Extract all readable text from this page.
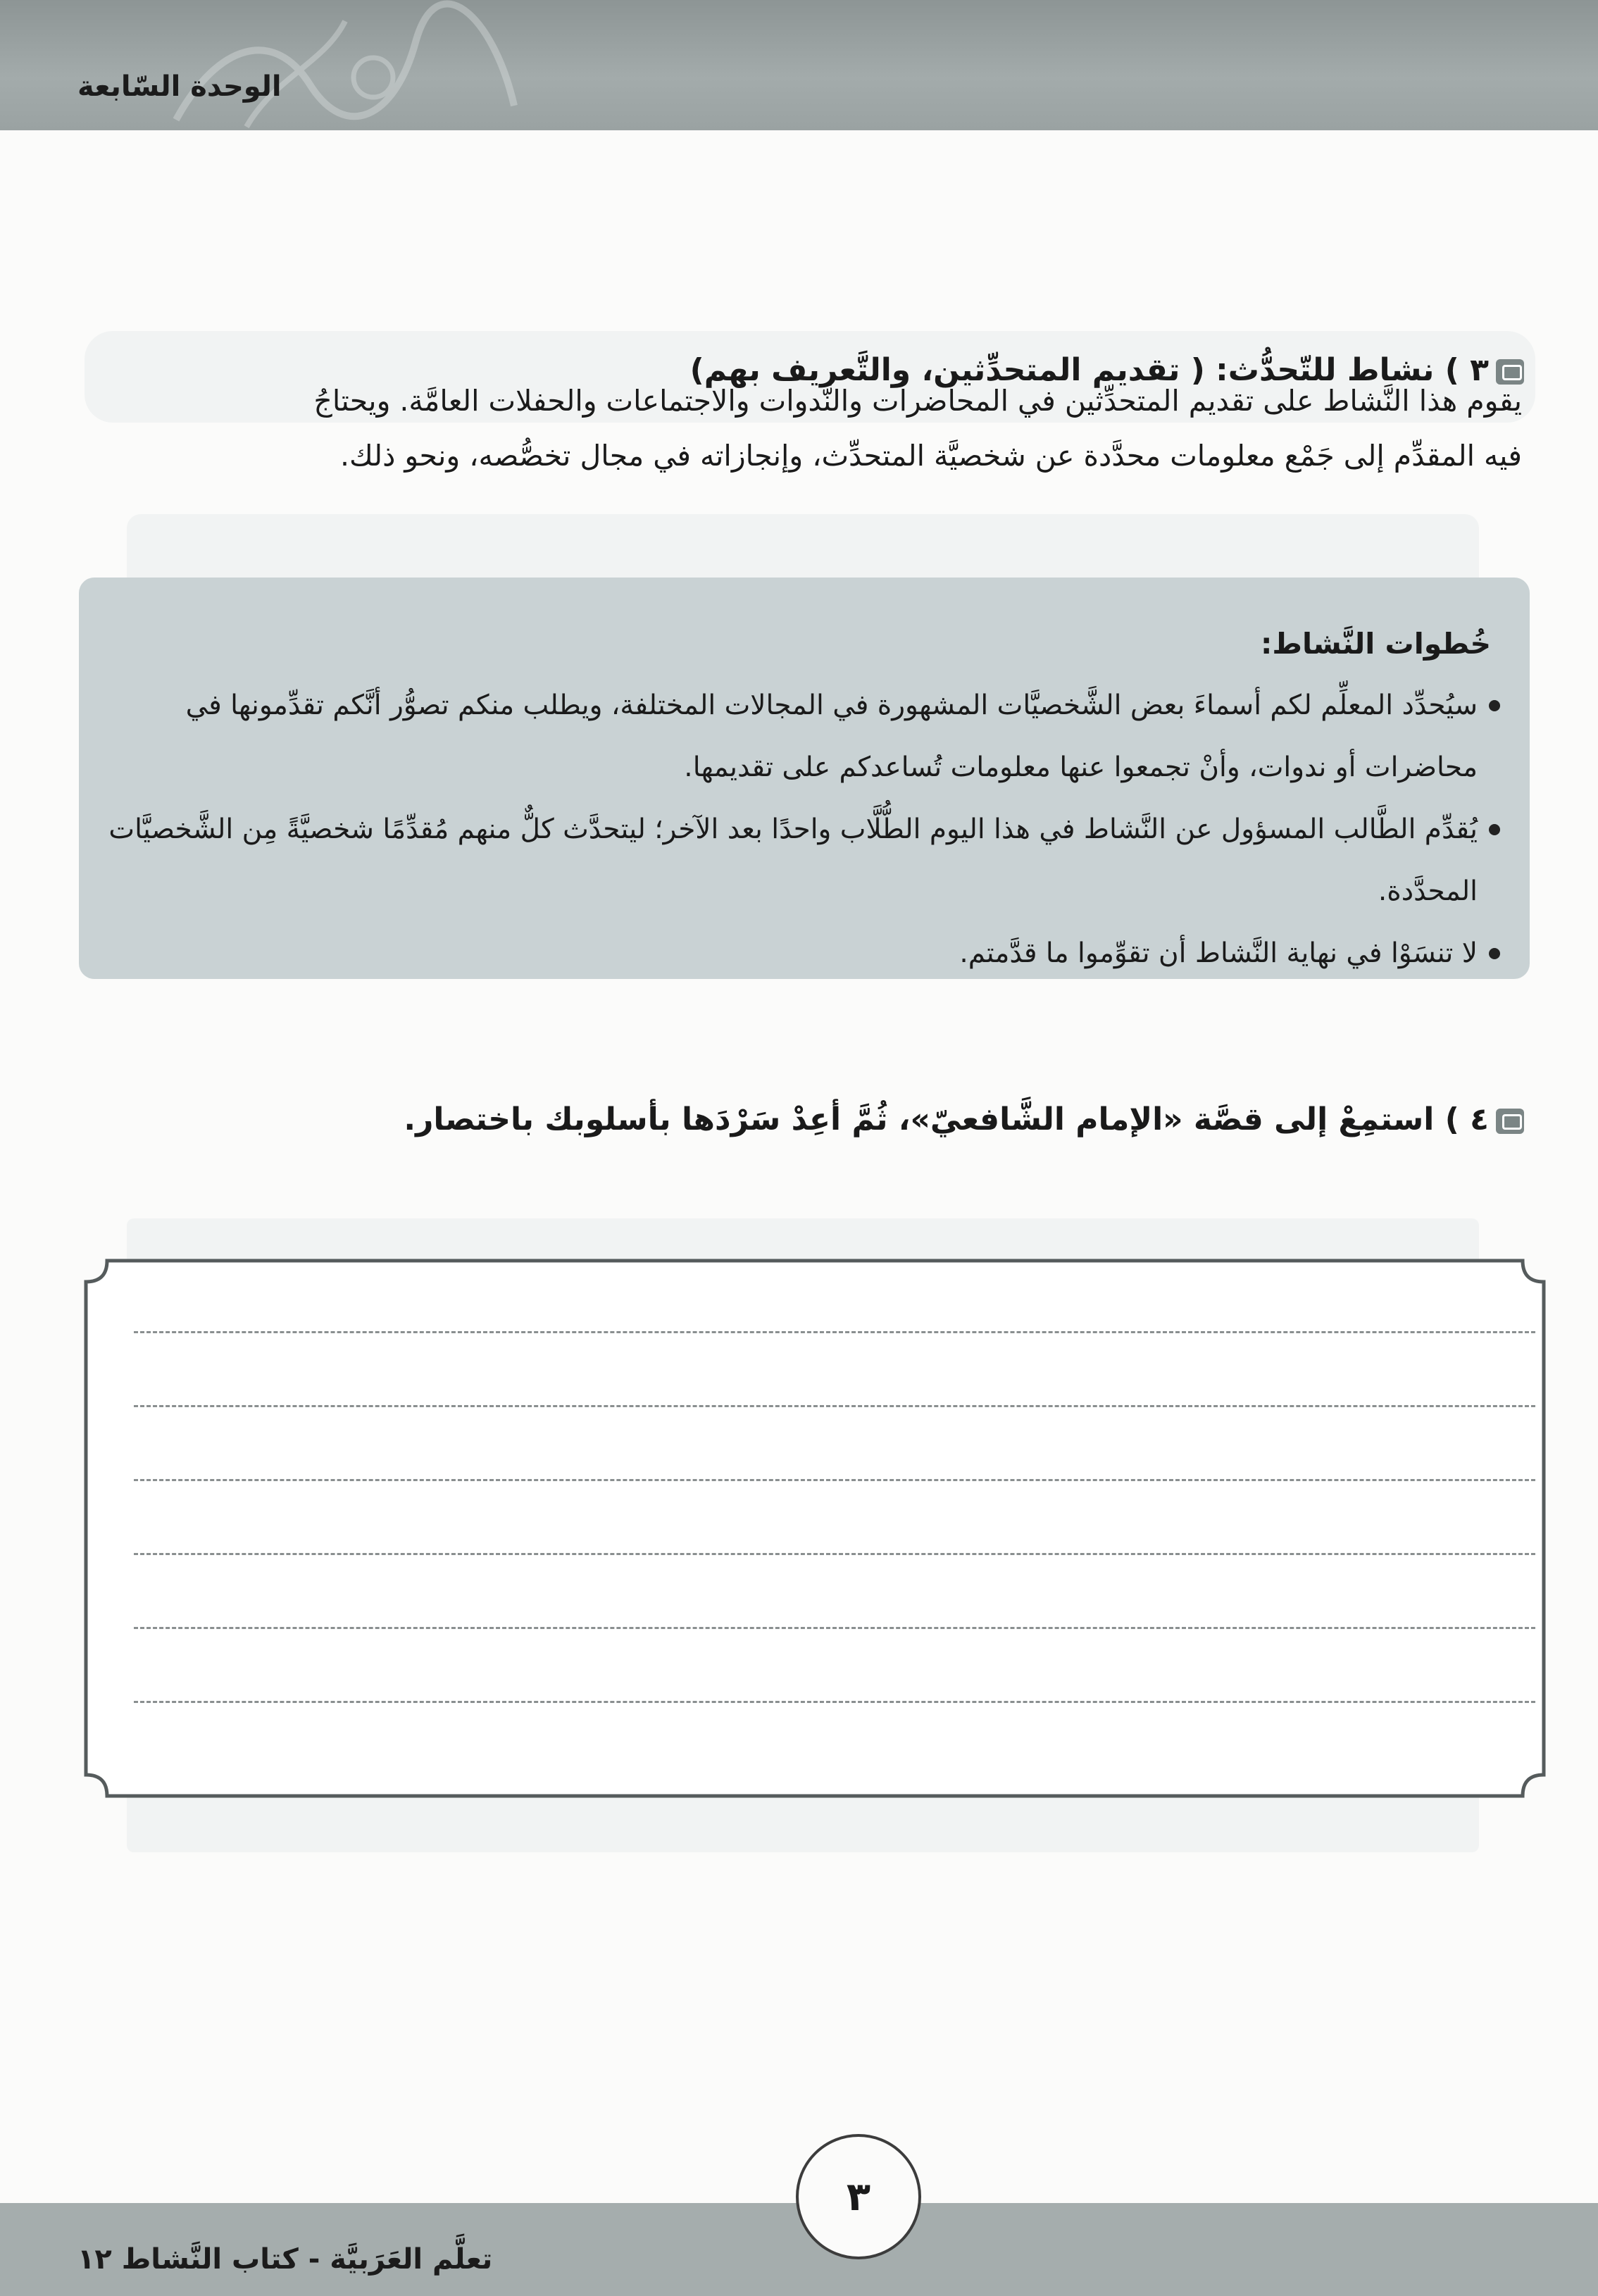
الوحدة السّابعة
٣ ) نشاط للتّحدُّث: ( تقديم المتحدِّثين، والتَّعريف بهم)

يقوم هذا النَّشاط على تقديم المتحدِّثين في المحاضرات والنَّدوات والاجتماعات والحفلات العامَّة. ويحتاجُ

فيه المقدِّم إلى جَمْع معلومات محدَّدة عن شخصيَّة المتحدِّث، وإنجازاته في مجال تخصُّصه، ونحو ذلك.

خُطوات النَّشاط:
سيُحدِّد المعلِّم لكم أسماءَ بعض الشَّخصيَّات المشهورة في المجالات المختلفة، ويطلب منكم تصوُّر أنَّكم تقدِّمونها في محاضرات أو ندوات، وأنْ تجمعوا عنها معلومات تُساعدكم على تقديمها.
يُقدِّم الطَّالب المسؤول عن النَّشاط في هذا اليوم الطُّلَّاب واحدًا بعد الآخر؛ ليتحدَّث كلٌّ منهم مُقدِّمًا شخصيَّةً مِن الشَّخصيَّات المحدَّدة.
لا تنسَوْا في نهاية النَّشاط أن تقوِّموا ما قدَّمتم.
٤ ) استمِعْ إلى قصَّة «الإمام الشَّافعيّ»، ثُمَّ أعِدْ سَرْدَها بأسلوبك باختصار.
٣
تعلَّم العَرَبيَّة - كتاب النَّشاط ١٢
